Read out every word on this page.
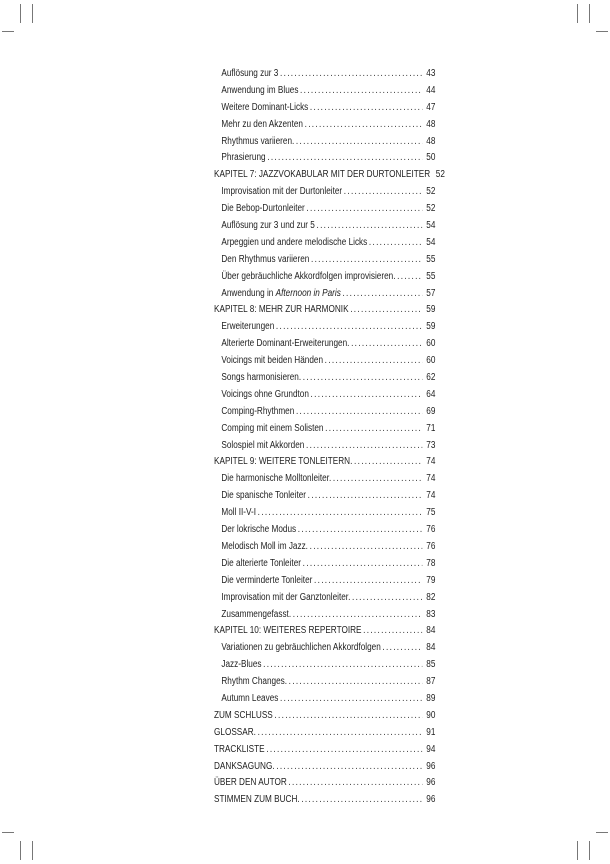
Auflösung zur 3 .....	43
Anwendung im Blues .....	44
Weitere Dominant-Licks .....	47
Mehr zu den Akzenten .....	48
Rhythmus variieren. .....	48
Phrasierung .....	50
KAPITEL 7: JAZZVOKABULAR MIT DER DURTONLEITER 52
Improvisation mit der Durtonleiter .....	52
Die Bebop-Durtonleiter .....	52
Auflösung zur 3 und zur 5 .....	54
Arpeggien und andere melodische Licks .....	54
Den Rhythmus variieren .....	55
Über gebräuchliche Akkordfolgen improvisieren. .....	55
Anwendung in Afternoon in Paris .....	57
KAPITEL 8: MEHR ZUR HARMONIK .....	59
Erweiterungen .....	59
Alterierte Dominant-Erweiterungen. .....	60
Voicings mit beiden Händen .....	60
Songs harmonisieren. .....	62
Voicings ohne Grundton .....	64
Comping-Rhythmen .....	69
Comping mit einem Solisten .....	71
Solospiel mit Akkorden .....	73
KAPITEL 9: WEITERE TONLEITERN. .....	74
Die harmonische Molltonleiter. .....	74
Die spanische Tonleiter .....	74
Moll II-V-I .....	75
Der lokrische Modus .....	76
Melodisch Moll im Jazz. .....	76
Die alterierte Tonleiter .....	78
Die verminderte Tonleiter .....	79
Improvisation mit der Ganztonleiter. .....	82
Zusammengefasst. .....	83
KAPITEL 10: WEITERES REPERTOIRE .....	84
Variationen zu gebräuchlichen Akkordfolgen .....	84
Jazz-Blues .....	85
Rhythm Changes. .....	87
Autumn Leaves .....	89
ZUM SCHLUSS .....	90
GLOSSAR. .....	91
TRACKLISTE .....	94
DANKSAGUNG. .....	96
ÜBER DEN AUTOR .....	96
STIMMEN ZUM BUCH. .....	96
